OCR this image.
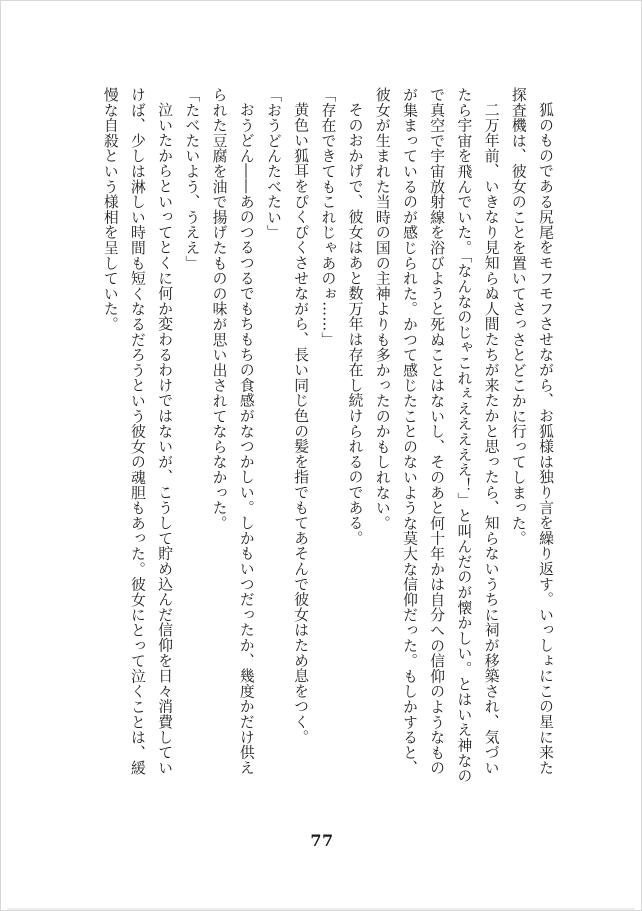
狐のものである尻尾をモフモフさせながら、お狐様は独り言を繰り返す。いっしょにこの星に来た探査機は、彼女のことを置いてさっさとどこかに行ってしまった。

二万年前、いきなり見知らぬ人間たちが来たかと思ったら、知らないうちに祠が移築され、気づいたら宇宙を飛んでいた。「なんなのじゃこれぇえええええ！」と叫んだのが懐かしい。とはいえ神なので真空で宇宙放射線を浴びようと死ぬことはないし、そのあと何十年かは自分への信仰のようなものが集まっているのが感じられた。かつて感じたことのないような莫大な信仰だった。もしかすると、彼女が生まれた当時の国の主神よりも多かったのかもしれない。

そのおかげで、彼女はあと数万年は存在し続けられるのである。

「存在できてもこれじゃあのぉ……」

黄色い狐耳をぴくぴくさせながら、長い同じ色の髪を指でもてあそんで彼女はため息をつく。

「おうどんたべたい」

おうどん――あのつるつるでもちもちの食感がなつかしい。しかもいつだったか、幾度かだけ供えられた豆腐を油で揚げたものの味が思い出されてならなかった。

「たべたいよう、うええ」

泣いたからといってとくに何か変わるわけではないが、こうして貯め込んだ信仰を日々消費していけば、少しは淋しい時間も短くなるだろうという彼女の魂胆もあった。彼女にとって泣くことは、緩慢な自殺という様相を呈していた。

77
